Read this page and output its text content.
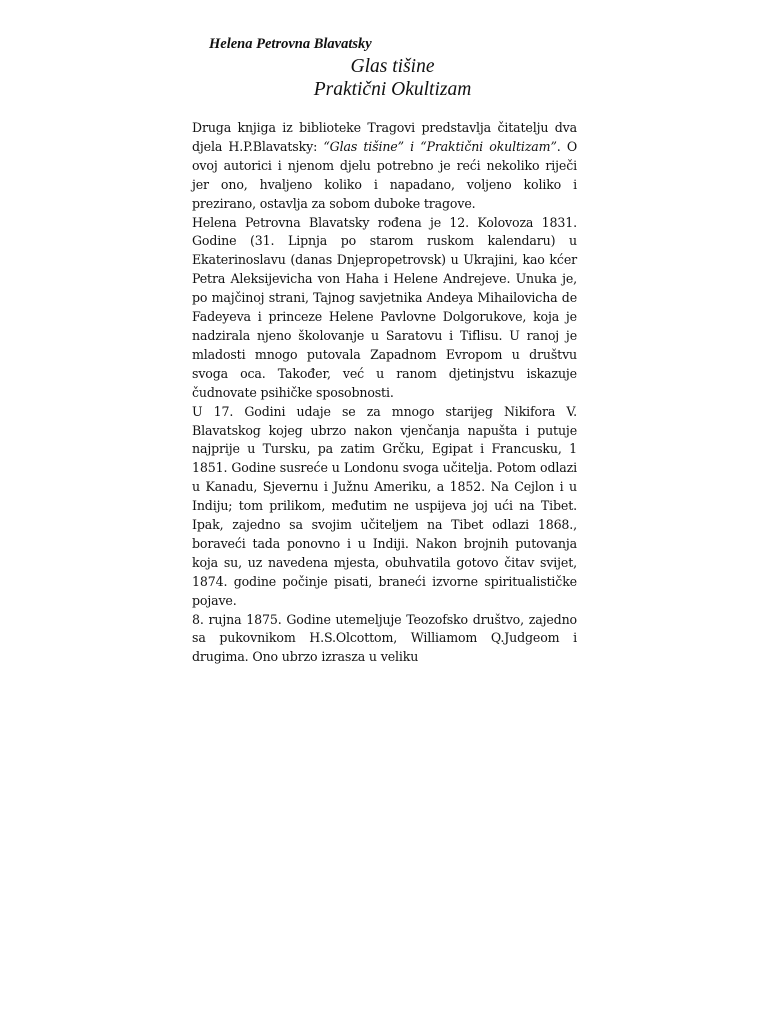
Helena Petrovna Blavatsky
Glas tišine
Praktični Okultizam

Druga knjiga iz biblioteke Tragovi predstavlja čitatelju dva djela H.P.Blavatsky: “Glas tišine” i “Praktični okultizam”. O ovoj autorici i njenom djelu potrebno je reći nekoliko riječi jer ono, hvaljeno koliko i napadano, voljeno koliko i prezirano, ostavlja za sobom duboke tragove.

Helena Petrovna Blavatsky rođena je 12. Kolovoza 1831. Godine (31. Lipnja po starom ruskom kalendaru) u Ekaterinoslavu (danas Dnjepropetrovsk) u Ukrajini, kao kćer Petra Aleksijevicha von Haha i Helene Andrejeve. Unuka je, po majčinoj strani, Tajnog savjetnika Andeya Mihailovicha de Fadeyeva i princeze Helene Pavlovne Dolgorukove, koja je nadzirala njeno školovanje u Saratovu i Tiflisu. U ranoj je mladosti mnogo putovala Zapadnom Evropom u društvu svoga oca. Također, već u ranom djetinjstvu iskazuje čudnovate psihičke sposobnosti.

U 17. Godini udaje se za mnogo starijeg Nikifora V. Blavatskog kojeg ubrzo nakon vjenčanja napušta i putuje najprije u Tursku, pa zatim Grčku, Egipat i Francusku, 1 1851. Godine susreće u Londonu svoga učitelja. Potom odlazi u Kanadu, Sjevernu i Južnu Ameriku, a 1852. Na Cejlon i u Indiju; tom prilikom, međutim ne uspijeva joj ući na Tibet. Ipak, zajedno sa svojim učiteljem na Tibet odlazi 1868., boraveći tada ponovno i u Indiji. Nakon brojnih putovanja koja su, uz navedena mjesta, obuhvatila gotovo čitav svijet, 1874. godine počinje pisati, braneći izvorne spiritualističke pojave.

8. rujna 1875. Godine utemeljuje Teozofsko društvo, zajedno sa pukovnikom H.S.Olcottom, Williamom Q.Judgeom i drugima. Ono ubrzo izrasza u veliku
